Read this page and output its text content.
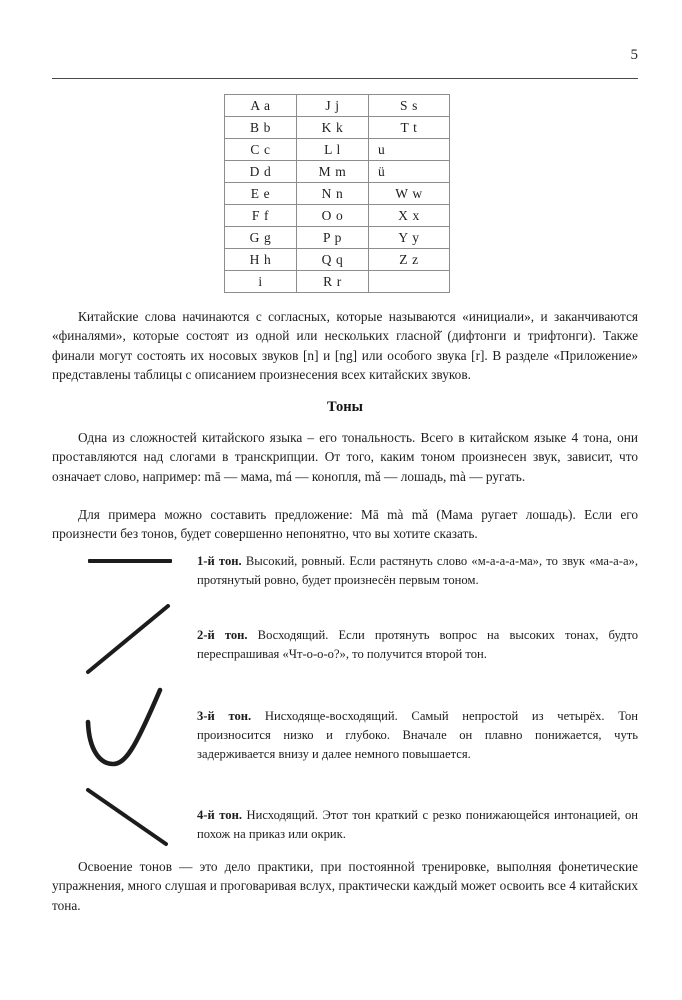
5
A a	J j	S s
B b	K k	T t
C c	L l	u
D d	M m	ü
E e	N n	W w
F f	O o	X x
G g	P p	Y y
H h	Q q	Z z
i	R r	
Китайские слова начинаются с согласных, которые называются «инициали», и заканчиваются «финалями», которые состоят из одной или нескольких гласной̆ (дифтонги и трифтонги). Также финали могут состоять их носовых звуков [n] и [ng] или особого звука [r]. В разделе «Приложение» представлены таблицы с описанием произнесения всех китайских звуков.
Тоны
Одна из сложностей китайского языка – его тональность. Всего в китайском языке 4 тона, они проставляются над слогами в транскрипции. От того, каким тоном произнесен звук, зависит, что означает слово, например: mā — мама, má — конопля, mǎ — лошадь, mà — ругать.
Для примера можно составить предложение: Mā mà mǎ (Мама ругает лошадь). Если его произнести без тонов, будет совершенно непонятно, что вы хотите сказать.
1-й тон. Высокий, ровный. Если растянуть слово «м-а-а-а-ма», то звук «ма-а-а», протянутый ровно, будет произнесён первым тоном.
2-й тон. Восходящий. Если протянуть вопрос на высоких тонах, будто переспрашивая «Чт-о-о-о?», то получится второй тон.
3-й тон. Нисходяще-восходящий. Самый непростой из четырёх. Тон произносится низко и глубоко. Вначале он плавно понижается, чуть задерживается внизу и далее немного повышается.
4-й тон. Нисходящий. Этот тон краткий с резко понижающейся интонацией, он похож на приказ или окрик.
Освоение тонов — это дело практики, при постоянной тренировке, выполняя фонетические упражнения, много слушая и проговаривая вслух, практически каждый может освоить все 4 китайских тона.
